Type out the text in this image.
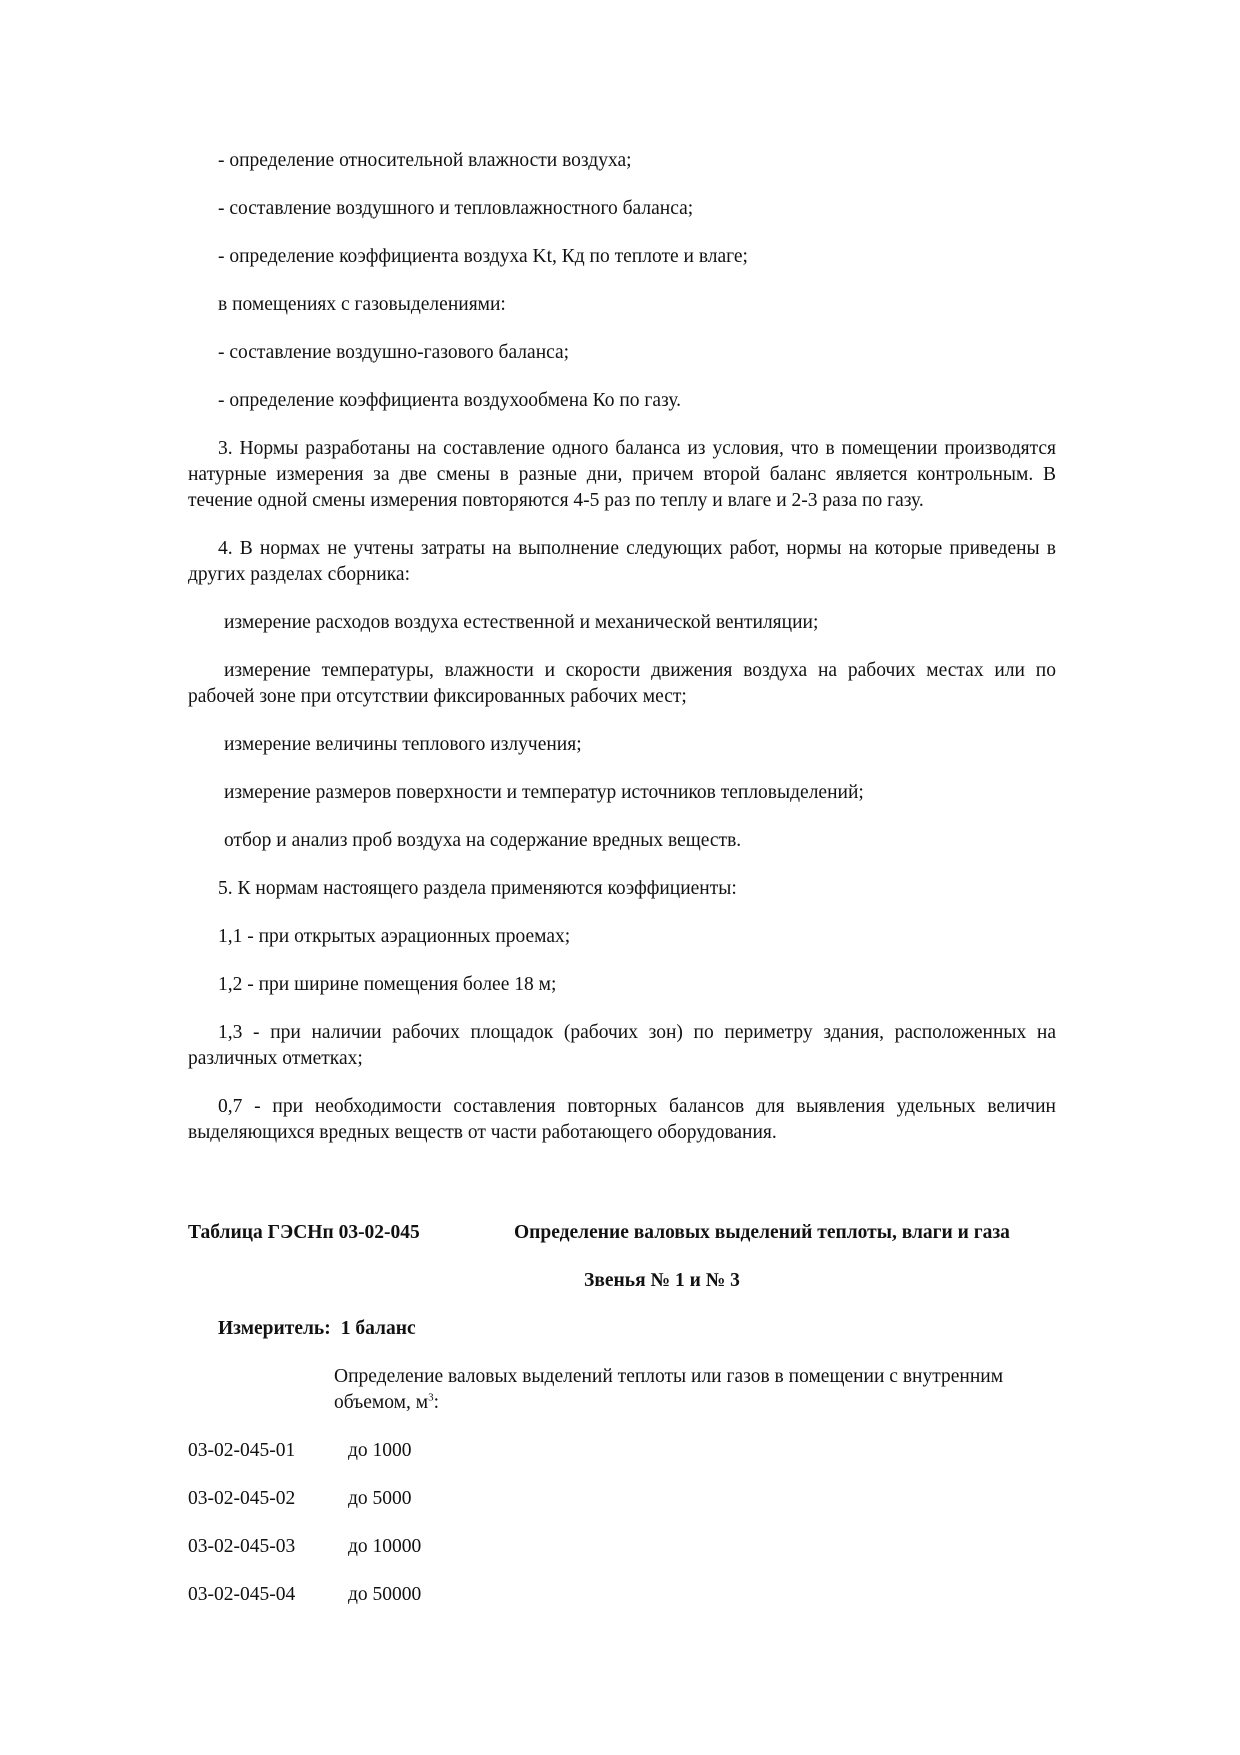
- определение относительной влажности воздуха;

- составление воздушного и тепловлажностного баланса;

- определение коэффициента воздуха Kt, Кд по теплоте и влаге;

в помещениях с газовыделениями:

- составление воздушно-газового баланса;

- определение коэффициента воздухообмена Ко по газу.

3. Нормы разработаны на составление одного баланса из условия, что в помещении производятся натурные измерения за две смены в разные дни, причем второй баланс является контрольным. В течение одной смены измерения повторяются 4-5 раз по теплу и влаге и 2-3 раза по газу.

4. В нормах не учтены затраты на выполнение следующих работ, нормы на которые приведены в других разделах сборника:

измерение расходов воздуха естественной и механической вентиляции;

измерение температуры, влажности и скорости движения воздуха на рабочих местах или по рабочей зоне при отсутствии фиксированных рабочих мест;

измерение величины теплового излучения;

измерение размеров поверхности и температур источников тепловыделений;

отбор и анализ проб воздуха на содержание вредных веществ.

5. К нормам настоящего раздела применяются коэффициенты:

1,1 - при открытых аэрационных проемах;

1,2 - при ширине помещения более 18 м;

1,3 - при наличии рабочих площадок (рабочих зон) по периметру здания, расположенных на различных отметках;

0,7 - при необходимости составления повторных балансов для выявления удельных величин выделяющихся вредных веществ от части работающего оборудования.

Таблица ГЭСНп 03-02-045	Определение валовых выделений теплоты, влаги и газа
Звенья № 1 и № 3
Измеритель: 1 баланс
Определение валовых выделений теплоты или газов в помещении с внутренним объемом, $м^3$:
03-02-045-01	до 1000
03-02-045-02	до 5000
03-02-045-03	до 10000
03-02-045-04	до 50000
